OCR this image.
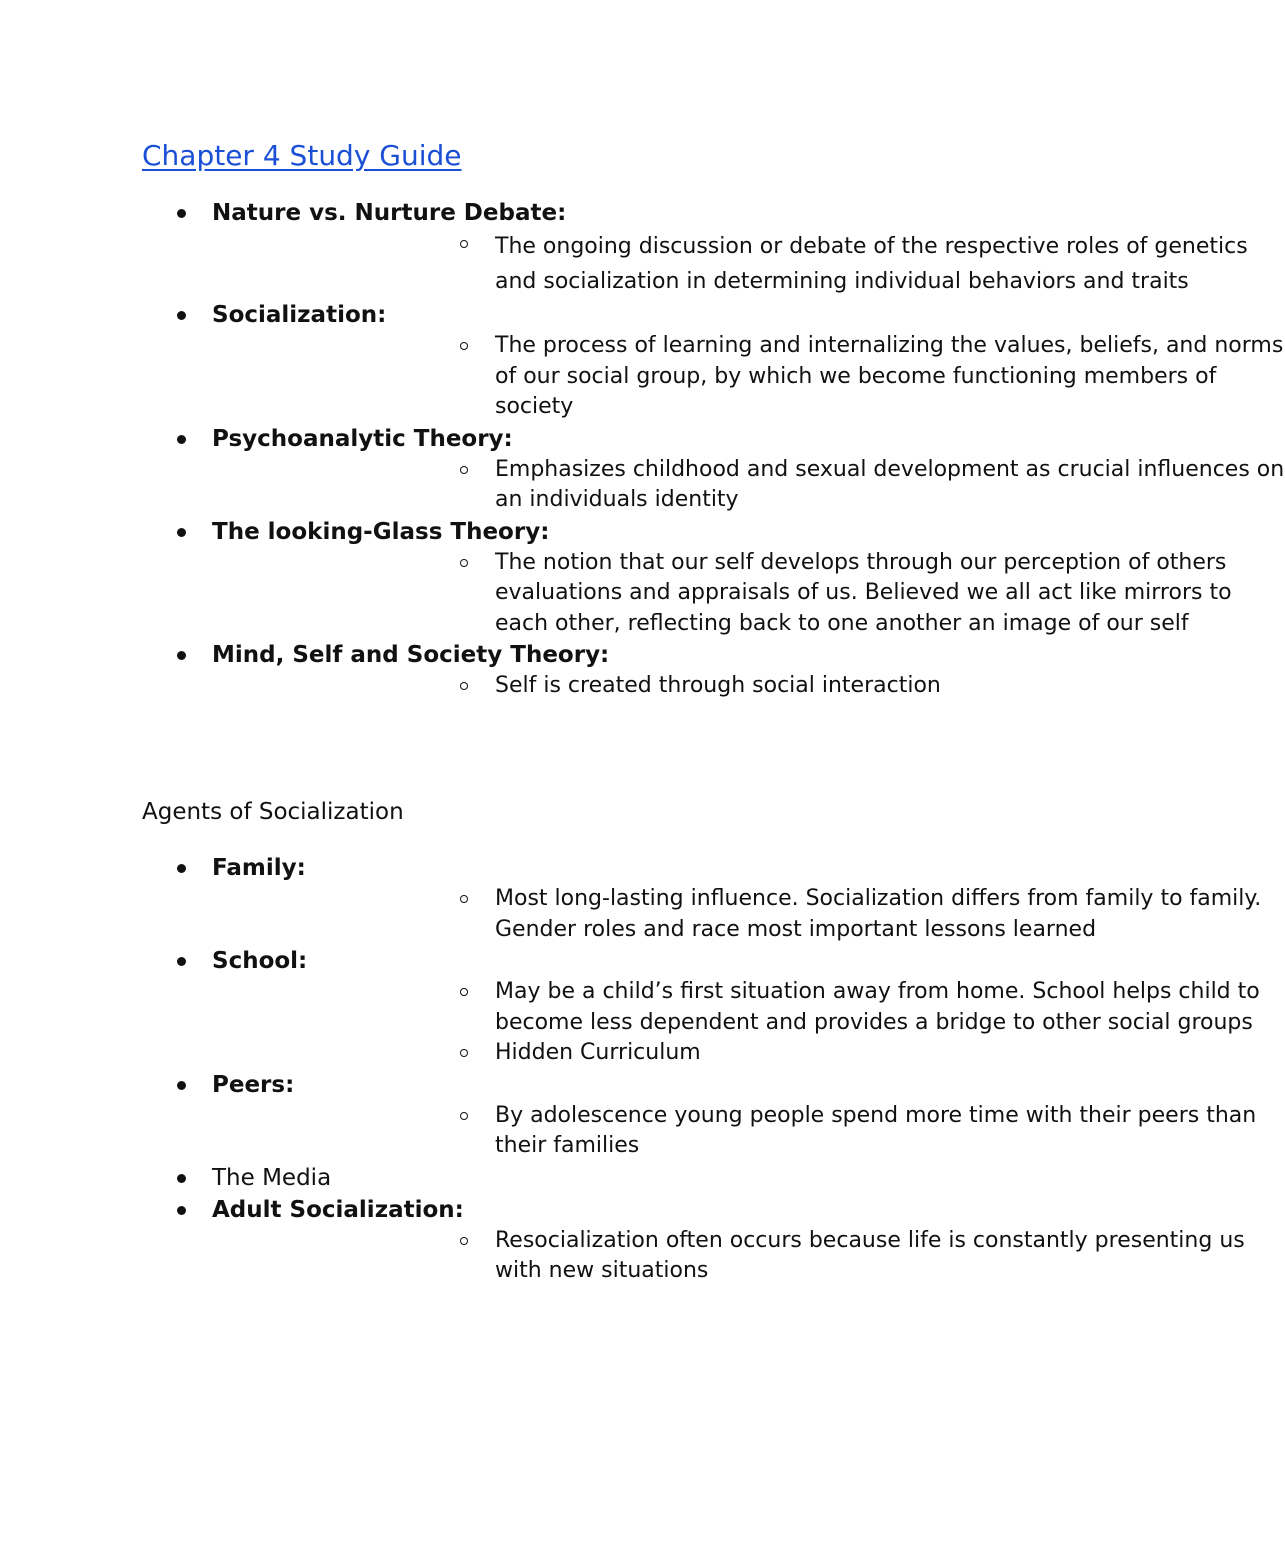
Chapter 4 Study Guide
Nature vs. Nurture Debate:
The ongoing discussion or debate of the respective roles of genetics and socialization in determining individual behaviors and traits
Socialization:
The process of learning and internalizing the values, beliefs, and norms of our social group, by which we become functioning members of society
Psychoanalytic Theory:
Emphasizes childhood and sexual development as crucial influences on an individuals identity
The looking-Glass Theory:
The notion that our self develops through our perception of others evaluations and appraisals of us. Believed we all act like mirrors to each other, reflecting back to one another an image of our self
Mind, Self and Society Theory:
Self is created through social interaction
Agents of Socialization
Family:
Most long-lasting influence. Socialization differs from family to family. Gender roles and race most important lessons learned
School:
May be a child’s first situation away from home. School helps child to become less dependent and provides a bridge to other social groups
Hidden Curriculum
Peers:
By adolescence young people spend more time with their peers than their families
The Media
Adult Socialization:
Resocialization often occurs because life is constantly presenting us with new situations
